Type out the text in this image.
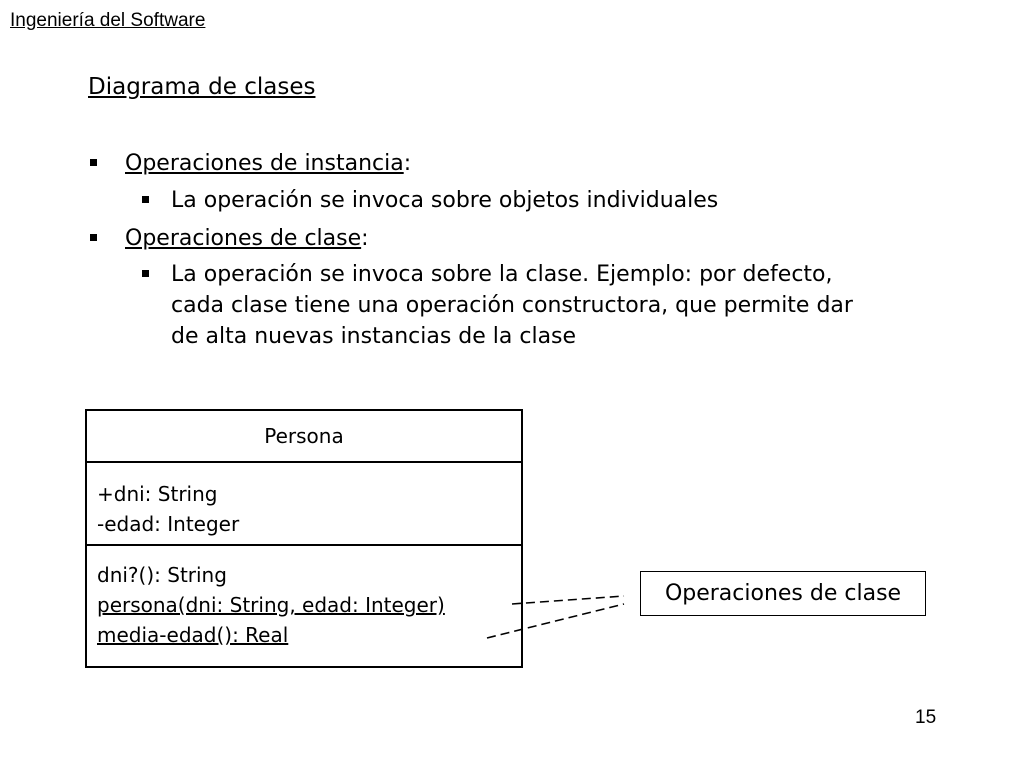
Ingeniería del Software
Diagrama de clases
Operaciones de instancia:
La operación se invoca sobre objetos individuales
Operaciones de clase:
La operación se invoca sobre la clase. Ejemplo: por defecto,
cada clase tiene una operación constructora, que permite dar
de alta nuevas instancias de la clase
Persona
+dni: String
-edad: Integer
dni?(): String
persona(dni: String, edad: Integer)
media-edad(): Real
Operaciones de clase
15
